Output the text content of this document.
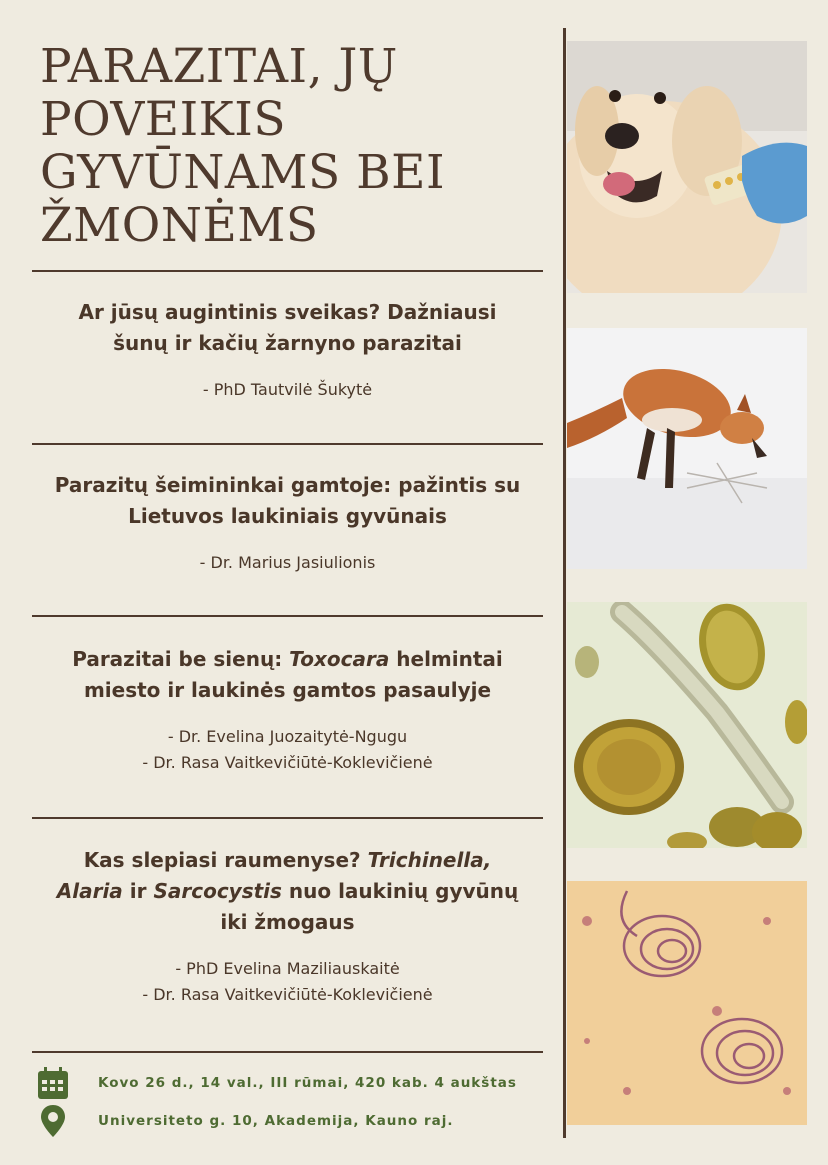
PARAZITAI, JŲ
POVEIKIS
GYVŪNAMS BEI
ŽMONĖMS

Ar jūsų augintinis sveikas? Dažniausi
šunų ir kačių žarnyno parazitai

- PhD Tautvilė Šukytė

Parazitų šeimininkai gamtoje: pažintis su
Lietuvos laukiniais gyvūnais

- Dr. Marius Jasiulionis

Parazitai be sienų: Toxocara helmintai
miesto ir laukinės gamtos pasaulyje

- Dr. Evelina Juozaitytė-Ngugu
- Dr. Rasa Vaitkevičiūtė-Koklevičienė

Kas slepiasi raumenyse? Trichinella,
Alaria ir Sarcocystis nuo laukinių gyvūnų
iki žmogaus

- PhD Evelina Maziliauskaitė
- Dr. Rasa Vaitkevičiūtė-Koklevičienė
Kovo 26 d., 14 val., III rūmai, 420 kab. 4 aukštas
Universiteto g. 10, Akademija, Kauno raj.
